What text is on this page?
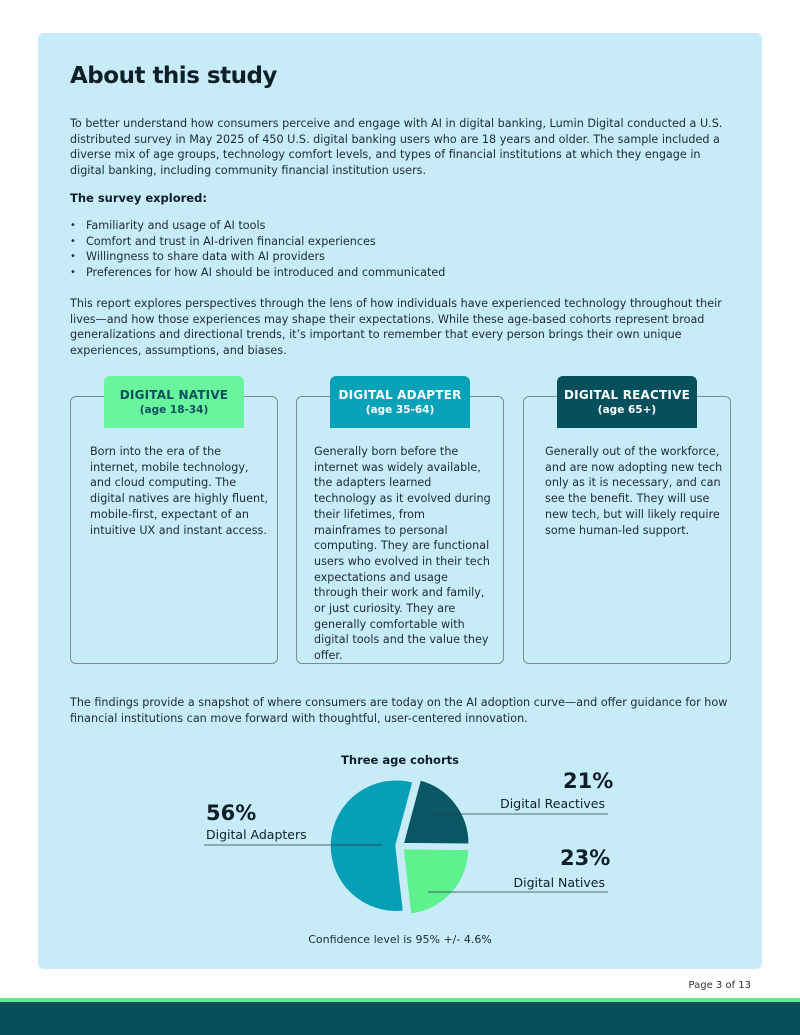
About this study

To better understand how consumers perceive and engage with AI in digital banking, Lumin Digital conducted a U.S. distributed survey in May 2025 of 450 U.S. digital banking users who are 18 years and older. The sample included a diverse mix of age groups, technology comfort levels, and types of financial institutions at which they engage in digital banking, including community financial institution users.

The survey explored:
• Familiarity and usage of AI tools
• Comfort and trust in AI-driven financial experiences
• Willingness to share data with AI providers
• Preferences for how AI should be introduced and communicated

This report explores perspectives through the lens of how individuals have experienced technology throughout their lives—and how those experiences may shape their expectations. While these age-based cohorts represent broad generalizations and directional trends, it’s important to remember that every person brings their own unique experiences, assumptions, and biases.

DIGITAL NATIVE
(age 18-34)
DIGITAL ADAPTER
(age 35-64)
DIGITAL REACTIVE
(age 65+)

Born into the era of the internet, mobile technology, and cloud computing. The digital natives are highly fluent, mobile-first, expectant of an intuitive UX and instant access.

Generally born before the internet was widely available, the adapters learned technology as it evolved during their lifetimes, from mainframes to personal computing. They are functional users who evolved in their tech expectations and usage through their work and family, or just curiosity. They are generally comfortable with digital tools and the value they offer.

Generally out of the workforce, and are now adopting new tech only as it is necessary, and can see the benefit. They will use new tech, but will likely require some human-led support.

The findings provide a snapshot of where consumers are today on the AI adoption curve—and offer guidance for how financial institutions can move forward with thoughtful, user-centered innovation.

Three age cohorts
21%
Digital Reactives
23%
Digital Natives
56%
Digital Adapters
Confidence level is 95% +/- 4.6%
Page 3 of 13
